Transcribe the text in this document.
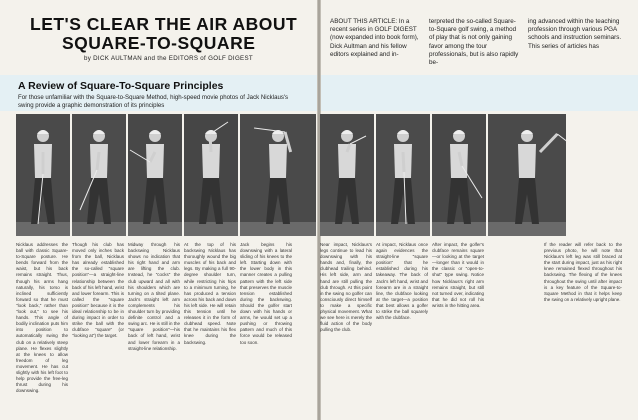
LET'S CLEAR THE AIR ABOUT
SQUARE-TO-SQUARE
by DICK AULTMAN and the EDITORS of GOLF DIGEST
ABOUT THIS ARTICLE: In a recent series in GOLF DIGEST (now expanded into book form), Dick Aultman and his fellow editors explained and in-
terpreted the so-called Square-to-Square golf swing, a method of play that is not only gaining favor among the tour professionals, but is also rapidly be-
ing advanced within the teaching profession through various PGA schools and instruction seminars. This series of articles has
A Review of Square-To-Square Principles
For those unfamiliar with the Square-to-Square Method, high-speed movie photos of Jack Nicklaus's swing provide a graphic demonstration of its principles
Nicklaus addresses the ball with classic Square-to-Square posture. He bends forward from the waist, but his back remains straight. Thus, though his arms hang naturally, his torso is inclined sufficiently forward so that he must "look back," rather than "look out," to see his hands. This angle of bodily inclination puts him into position to automatically swing the club on a relatively steep plane. He flexes slightly at the knees to allow freedom of leg movement. He has cut slightly with his left foot to help provide the free-leg thrust during his downswing.
Though his club has moved only inches back from the ball, Nicklaus has already established the so-called "square position"—a straight-line relationship between the back of his left hand, wrist and lower forearm. This is called the "square position" because it is the ideal relationship to be in during impact in order to strike the ball with the clubface "square" (or "looking at") the target.
Midway through his backswing Nicklaus shows no indication that his right hand and arm are lifting the club. Instead, he "cocks" the club upward and all with his shoulders which are turning on a tilted plane. Jack's straight left arm complements his shoulder turn by providing definite control and a swing arc. He is still in the "square position"—his back of left hand, wrist and lower forearm in a straight-line relationship.
At the top of his backswing Nicklaus has thoroughly wound the big muscles of his back and legs. By making a full 90-degree shoulder turn, while restricting his hips to a minimum turning, he has produced a tension across his back and down his left side. He will retain this tension until he releases it in the form of clubhead speed. Note that he maintains his flex knee during the backswing.
Jack begins his downswing with a lateral sliding of his knees to the left. Starting down with the lower body in this manner creates a pulling pattern with the left side that preserves the muscle tension established during the backswing. Should the golfer start down with his hands or arms, he would set up a pushing or throwing pattern and much of this force would be released too soon.
Near impact, Nicklaus's legs continue to lead his downswing with his hands and, finally, the clubhead trailing behind. His left side, arm and hand are still pulling the club through. At this point in the swing no golfer can consciously direct himself to make a specific physical movement. What we see here is merely the fluid action of the body pulling the club.
At impact, Nicklaus once again evidences the straight-line "square position" that he established during his takeaway. The back of Jack's left hand, wrist and forearm are in a straight line, the clubface looking at the target—a position that best allows a golfer to strike the ball squarely with the clubface.
After impact, the golfer's clubface remains square—or looking at the target—longer than it would in the classic or "open-to-shut" type swing. Notice how Nicklaus's right arm remains straight, but still not turned over, indicating that he did not roll his wrists in the hitting area.
If the reader will refer back to the previous photo, he will note that Nicklaus's left leg was still braced at the start during impact, just as his right knee remained flexed throughout his backswing. The flexing of the knees throughout the swing until after impact is a key feature of the Square-to-Square Method in that it helps keep the swing on a relatively upright plane.
